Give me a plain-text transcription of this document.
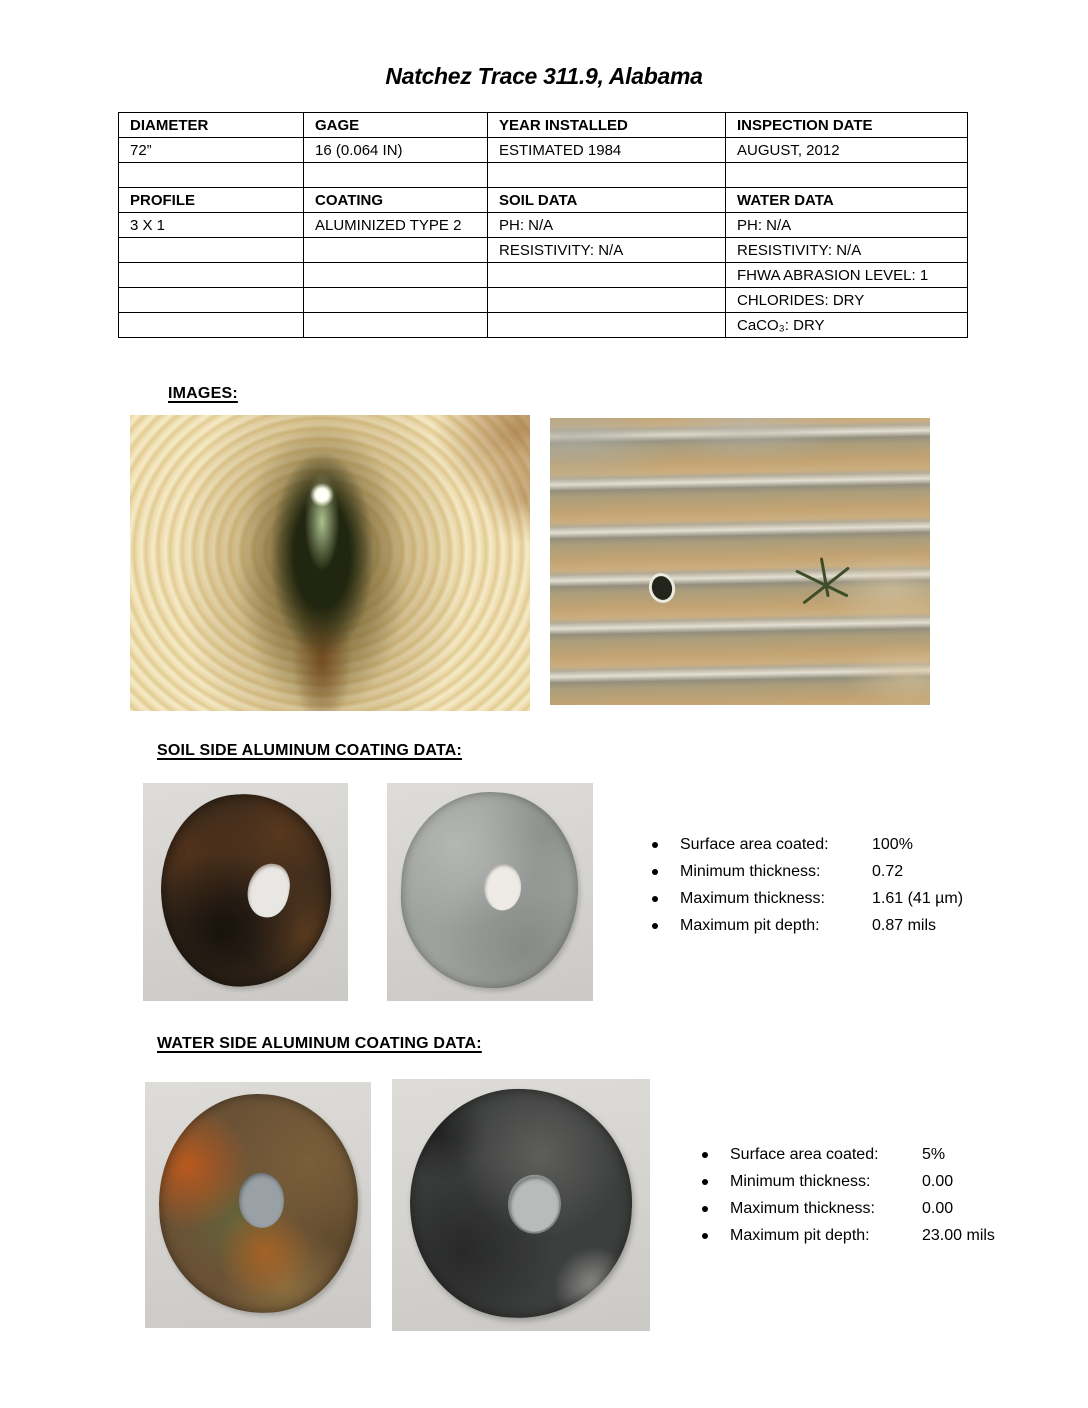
Natchez Trace 311.9, Alabama
DIAMETER	GAGE	YEAR INSTALLED	INSPECTION DATE
72”	16 (0.064 IN)	ESTIMATED 1984	AUGUST, 2012

PROFILE	COATING	SOIL DATA	WATER DATA
3 X 1	ALUMINIZED TYPE 2	PH: N/A	PH: N/A
		RESISTIVITY: N/A	RESISTIVITY: N/A
			FHWA ABRASION LEVEL: 1
			CHLORIDES: DRY
			CaCO₃: DRY
IMAGES:
SOIL SIDE ALUMINUM COATING DATA:
Surface area coated:	100%
Minimum thickness:	0.72
Maximum thickness:	1.61 (41 µm)
Maximum pit depth:	0.87 mils
WATER SIDE ALUMINUM COATING DATA:
Surface area coated:	5%
Minimum thickness:	0.00
Maximum thickness:	0.00
Maximum pit depth:	23.00 mils
